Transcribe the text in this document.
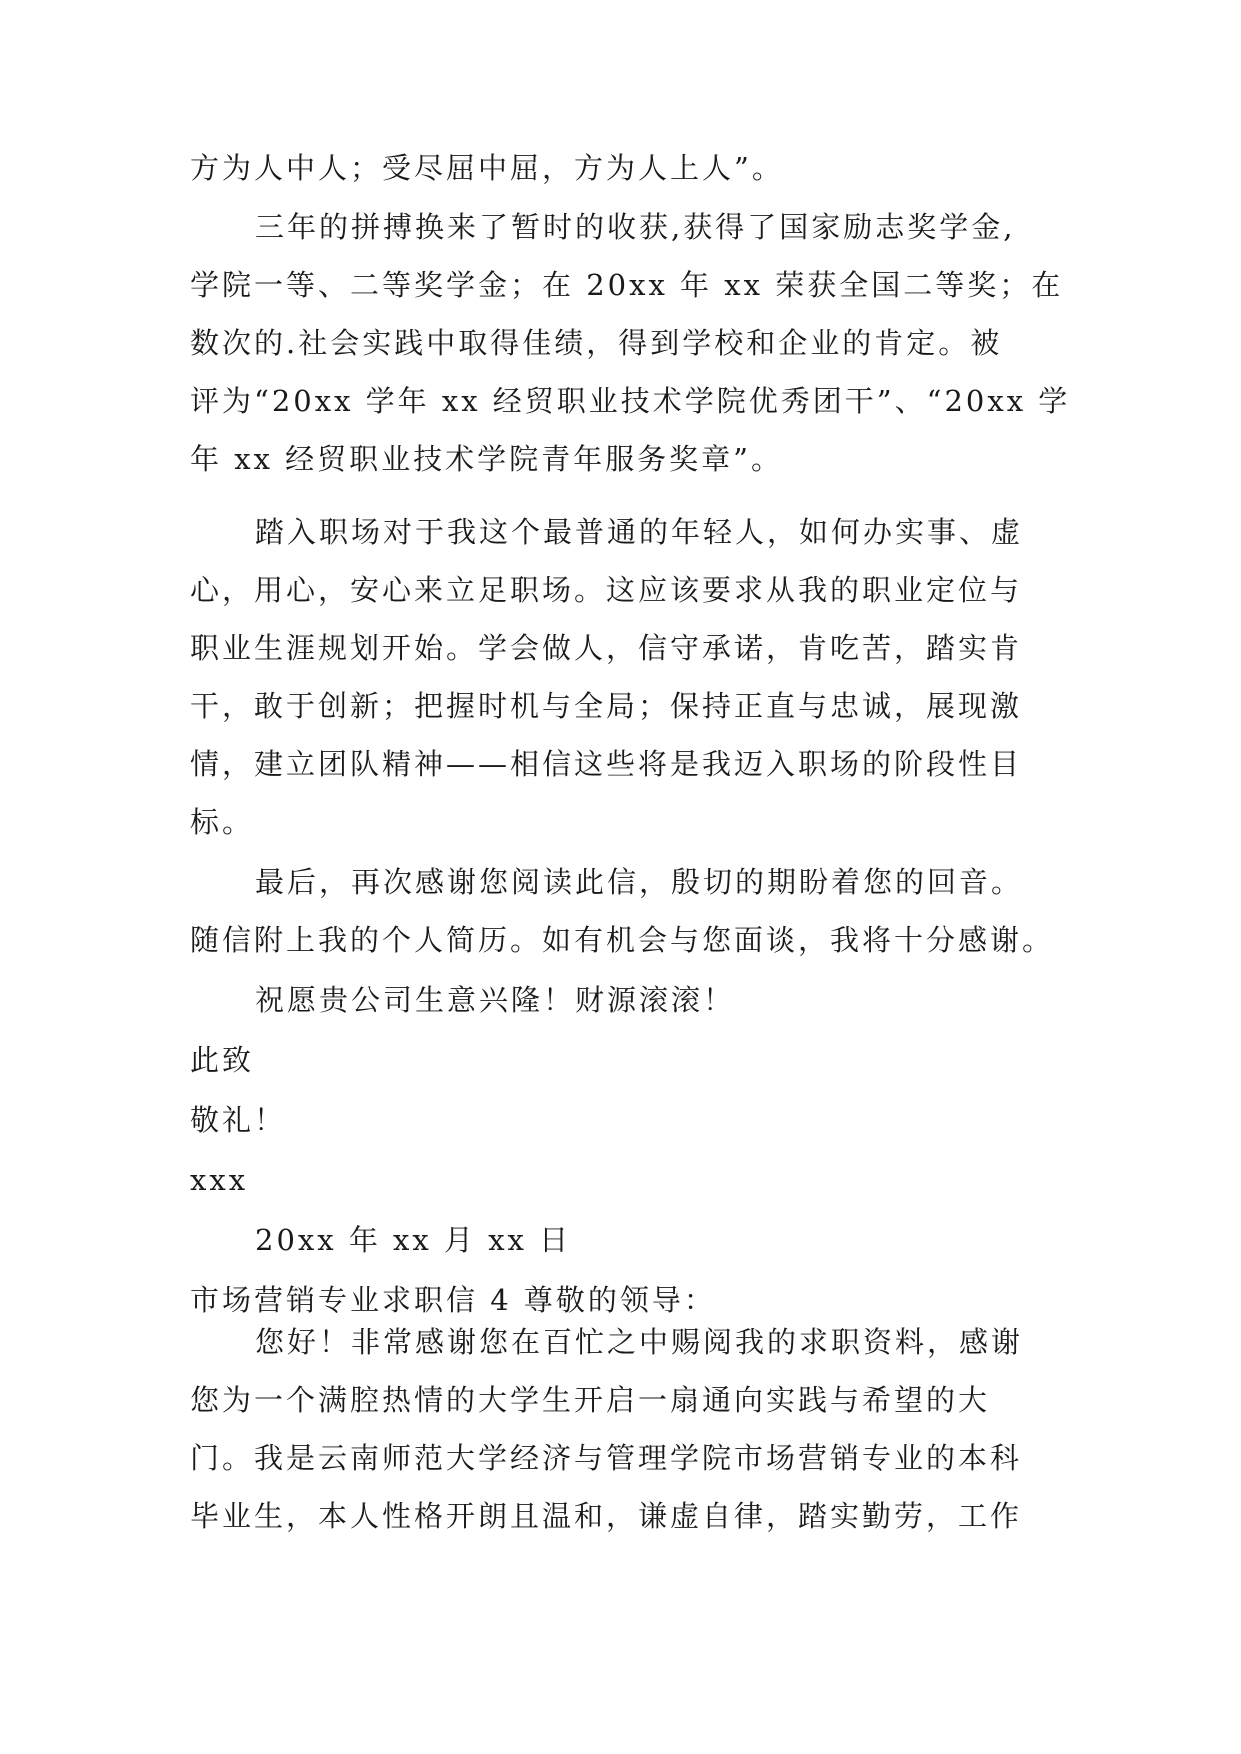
方为人中人；受尽屈中屈，方为人上人”。
三年的拼搏换来了暂时的收获,获得了国家励志奖学金,
学院一等、二等奖学金；在 20xx 年 xx 荣获全国二等奖；在
数次的.社会实践中取得佳绩，得到学校和企业的肯定。被
评为“20xx 学年 xx 经贸职业技术学院优秀团干”、“20xx 学
年 xx 经贸职业技术学院青年服务奖章”。
踏入职场对于我这个最普通的年轻人，如何办实事、虚
心，用心，安心来立足职场。这应该要求从我的职业定位与
职业生涯规划开始。学会做人，信守承诺，肯吃苦，踏实肯
干，敢于创新；把握时机与全局；保持正直与忠诚，展现激
情，建立团队精神——相信这些将是我迈入职场的阶段性目
标。
最后，再次感谢您阅读此信，殷切的期盼着您的回音。
随信附上我的个人简历。如有机会与您面谈，我将十分感谢。
祝愿贵公司生意兴隆！财源滚滚！
此致
敬礼！
xxx
20xx 年 xx 月 xx 日
市场营销专业求职信 4 尊敬的领导：
您好！非常感谢您在百忙之中赐阅我的求职资料，感谢
您为一个满腔热情的大学生开启一扇通向实践与希望的大
门。我是云南师范大学经济与管理学院市场营销专业的本科
毕业生，本人性格开朗且温和，谦虚自律，踏实勤劳，工作
